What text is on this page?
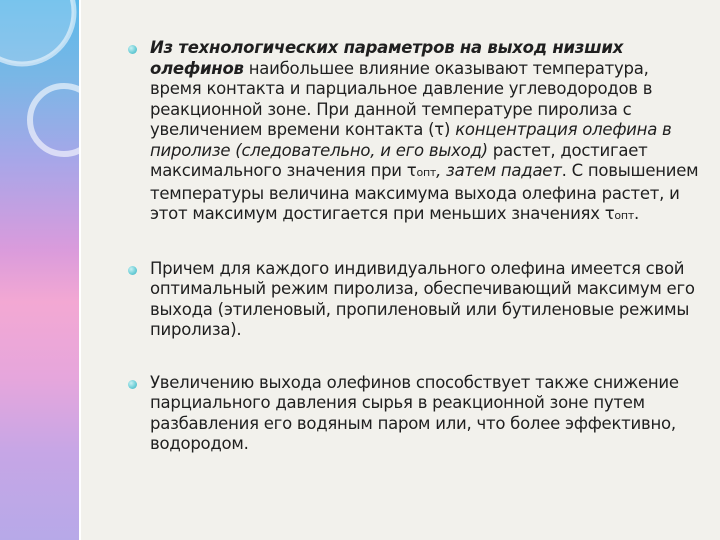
Из технологических параметров на выход низших олефинов наибольшее влияние оказывают температура, время контакта и парциальное давление углеводородов в реакционной зоне. При данной температуре пиролиза с увеличением времени контакта (τ) концентрация олефина в пиролизе (следовательно, и его выход) растет, достигает максимального значения при τопт, затем падает. С повышением температуры величина максимума выхода олефина растет, и этот максимум достигается при меньших значениях τопт.
Причем для каждого индивидуального олефина имеется свой оптимальный режим пиролиза, обеспечивающий максимум его выхода (этиленовый, пропиленовый или бутиленовые режимы пиролиза).
Увеличению выхода олефинов способствует также снижение парциального давления сырья в реакционной зоне путем разбавления его водяным паром или, что более эффективно, водородом.
